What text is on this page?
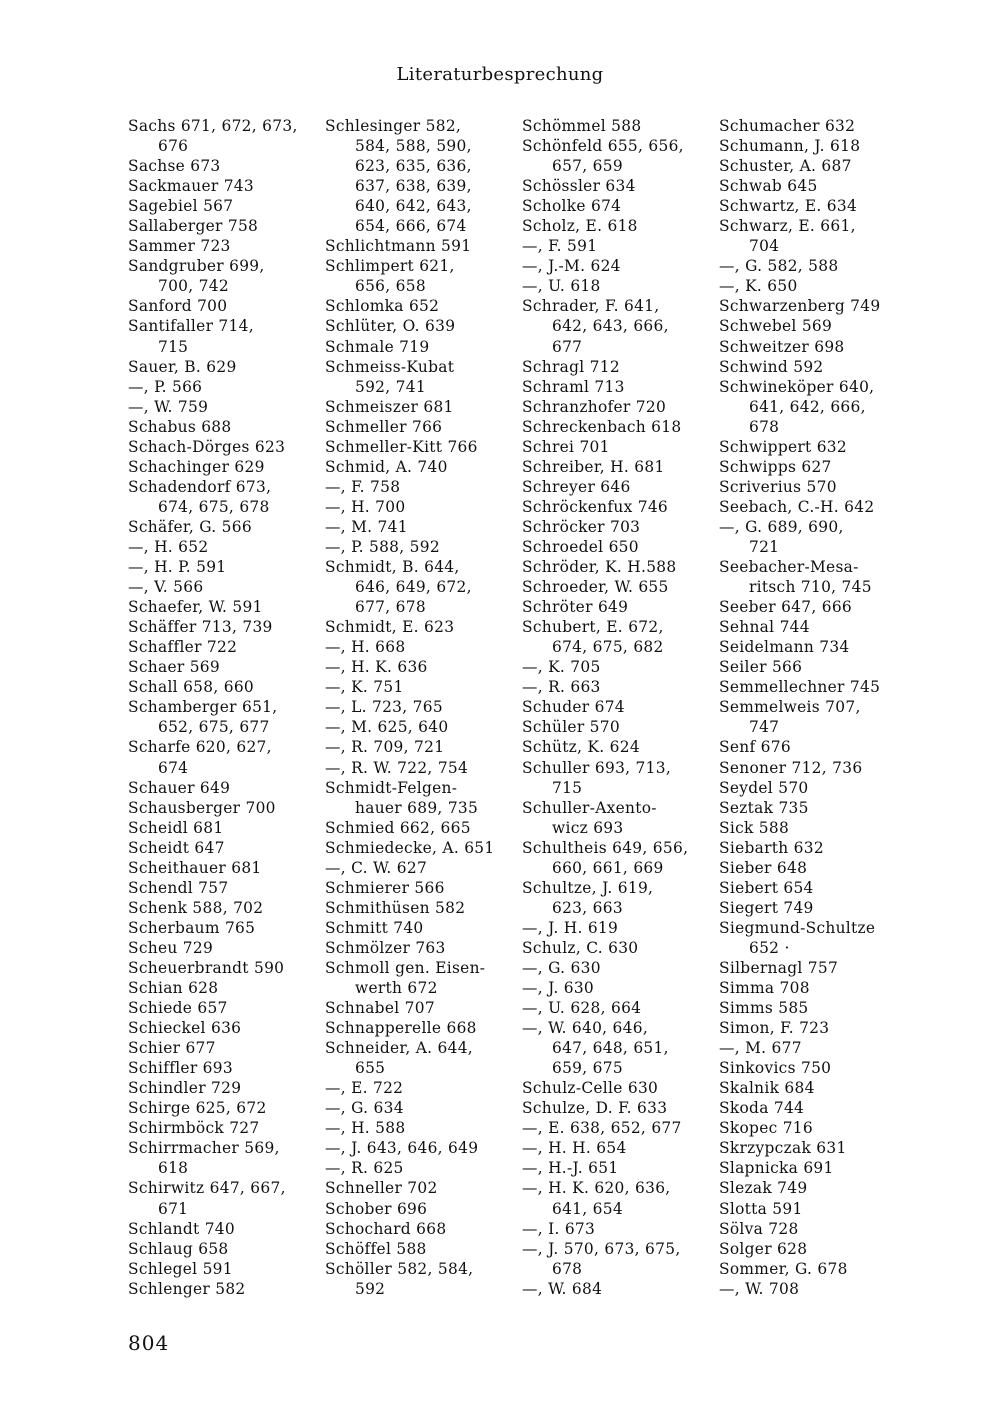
Literaturbesprechung
Sachs 671, 672, 673,
676
Sachse 673
Sackmauer 743
Sagebiel 567
Sallaberger 758
Sammer 723
Sandgruber 699,
700, 742
Sanford 700
Santifaller 714,
715
Sauer, B. 629
—, P. 566
—, W. 759
Schabus 688
Schach-Dörges 623
Schachinger 629
Schadendorf 673,
674, 675, 678
Schäfer, G. 566
—, H. 652
—, H. P. 591
—, V. 566
Schaefer, W. 591
Schäffer 713, 739
Schaffler 722
Schaer 569
Schall 658, 660
Schamberger 651,
652, 675, 677
Scharfe 620, 627,
674
Schauer 649
Schausberger 700
Scheidl 681
Scheidt 647
Scheithauer 681
Schendl 757
Schenk 588, 702
Scherbaum 765
Scheu 729
Scheuerbrandt 590
Schian 628
Schiede 657
Schieckel 636
Schier 677
Schiffler 693
Schindler 729
Schirge 625, 672
Schirmböck 727
Schirrmacher 569,
618
Schirwitz 647, 667,
671
Schlandt 740
Schlaug 658
Schlegel 591
Schlenger 582
Schlesinger 582,
584, 588, 590,
623, 635, 636,
637, 638, 639,
640, 642, 643,
654, 666, 674
Schlichtmann 591
Schlimpert 621,
656, 658
Schlomka 652
Schlüter, O. 639
Schmale 719
Schmeiss-Kubat
592, 741
Schmeiszer 681
Schmeller 766
Schmeller-Kitt 766
Schmid, A. 740
—, F. 758
—, H. 700
—, M. 741
—, P. 588, 592
Schmidt, B. 644,
646, 649, 672,
677, 678
Schmidt, E. 623
—, H. 668
—, H. K. 636
—, K. 751
—, L. 723, 765
—, M. 625, 640
—, R. 709, 721
—, R. W. 722, 754
Schmidt-Felgen-
hauer 689, 735
Schmied 662, 665
Schmiedecke, A. 651
—, C. W. 627
Schmierer 566
Schmithüsen 582
Schmitt 740
Schmölzer 763
Schmoll gen. Eisen-
werth 672
Schnabel 707
Schnapperelle 668
Schneider, A. 644,
655
—, E. 722
—, G. 634
—, H. 588
—, J. 643, 646, 649
—, R. 625
Schneller 702
Schober 696
Schochard 668
Schöffel 588
Schöller 582, 584,
592
Schömmel 588
Schönfeld 655, 656,
657, 659
Schössler 634
Scholke 674
Scholz, E. 618
—, F. 591
—, J.-M. 624
—, U. 618
Schrader, F. 641,
642, 643, 666,
677
Schragl 712
Schraml 713
Schranzhofer 720
Schreckenbach 618
Schrei 701
Schreiber, H. 681
Schreyer 646
Schröckenfux 746
Schröcker 703
Schroedel 650
Schröder, K. H.588
Schroeder, W. 655
Schröter 649
Schubert, E. 672,
674, 675, 682
—, K. 705
—, R. 663
Schuder 674
Schüler 570
Schütz, K. 624
Schuller 693, 713,
715
Schuller-Axento-
wicz 693
Schultheis 649, 656,
660, 661, 669
Schultze, J. 619,
623, 663
—, J. H. 619
Schulz, C. 630
—, G. 630
—, J. 630
—, U. 628, 664
—, W. 640, 646,
647, 648, 651,
659, 675
Schulz-Celle 630
Schulze, D. F. 633
—, E. 638, 652, 677
—, H. H. 654
—, H.-J. 651
—, H. K. 620, 636,
641, 654
—, I. 673
—, J. 570, 673, 675,
678
—, W. 684
Schumacher 632
Schumann, J. 618
Schuster, A. 687
Schwab 645
Schwartz, E. 634
Schwarz, E. 661,
704
—, G. 582, 588
—, K. 650
Schwarzenberg 749
Schwebel 569
Schweitzer 698
Schwind 592
Schwineköper 640,
641, 642, 666,
678
Schwippert 632
Schwipps 627
Scriverius 570
Seebach, C.-H. 642
—, G. 689, 690,
721
Seebacher-Mesa-
ritsch 710, 745
Seeber 647, 666
Sehnal 744
Seidelmann 734
Seiler 566
Semmellechner 745
Semmelweis 707,
747
Senf 676
Senoner 712, 736
Seydel 570
Seztak 735
Sick 588
Siebarth 632
Sieber 648
Siebert 654
Siegert 749
Siegmund-Schultze
652 ·
Silbernagl 757
Simma 708
Simms 585
Simon, F. 723
—, M. 677
Sinkovics 750
Skalnik 684
Skoda 744
Skopec 716
Skrzypczak 631
Slapnicka 691
Slezak 749
Slotta 591
Sölva 728
Solger 628
Sommer, G. 678
—, W. 708
804
